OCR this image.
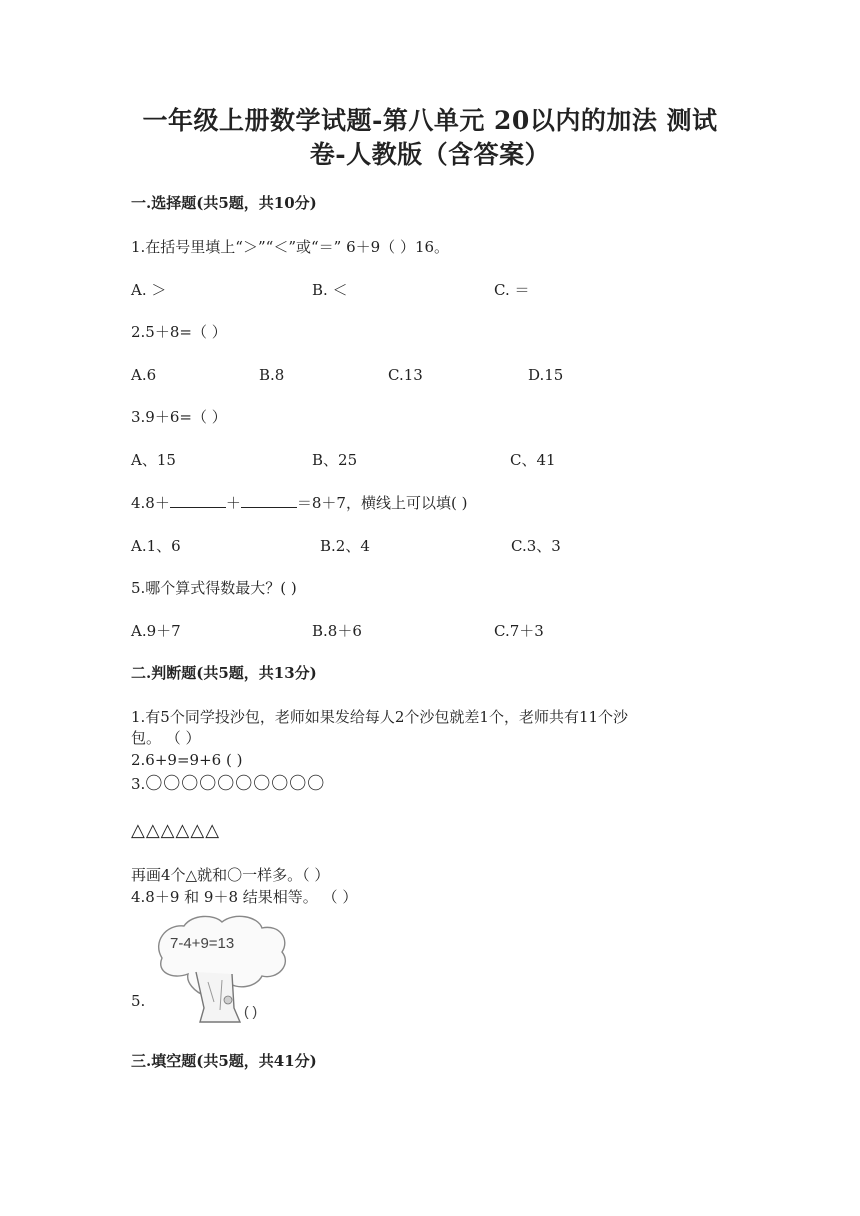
一年级上册数学试题-第八单元 20以内的加法 测试
卷-人教版（含答案）
一.选择题(共5题，共10分)
1.在括号里填上“＞”“＜”或“＝” 6＋9（ ）16。
A. ＞	B. ＜	C. ＝
2.5＋8=（ ）
A.6	B.8	C.13	D.15
3.9＋6=（ ）
A、15	B、25	C、41
4.8＋	＋	＝8＋7，横线上可以填( )
A.1、6	B.2、4	C.3、3
5.哪个算式得数最大？( )
A.9＋7	B.8＋6	C.7＋3
二.判断题(共5题，共13分)
1.有5个同学投沙包，老师如果发给每人2个沙包就差1个，老师共有11个沙
包。 （ ）
2.6+9=9+6 ( )
3.〇〇〇〇〇〇〇〇〇〇
△△△△△△
再画4个△就和〇一样多。（ ）
4.8＋9 和 9＋8 结果相等。 （ ）
5.
7-4+9=13
( )
三.填空题(共5题，共41分)
